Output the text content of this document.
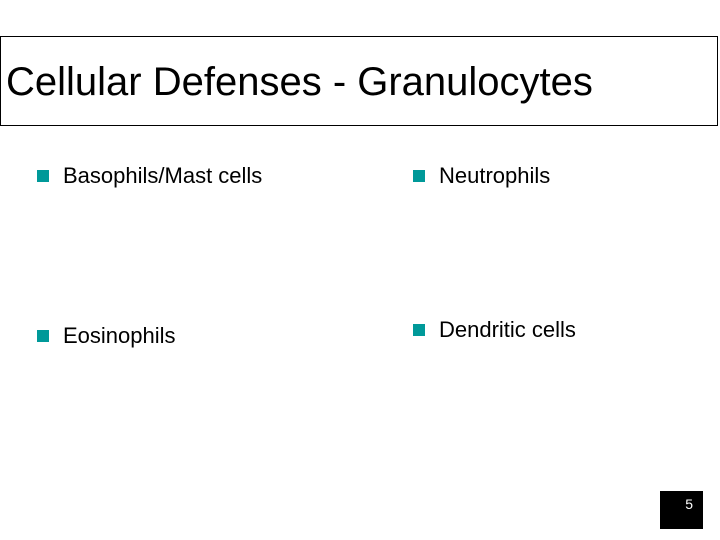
Cellular Defenses - Granulocytes
Basophils/Mast cells
Eosinophils
Neutrophils
Dendritic cells
5
